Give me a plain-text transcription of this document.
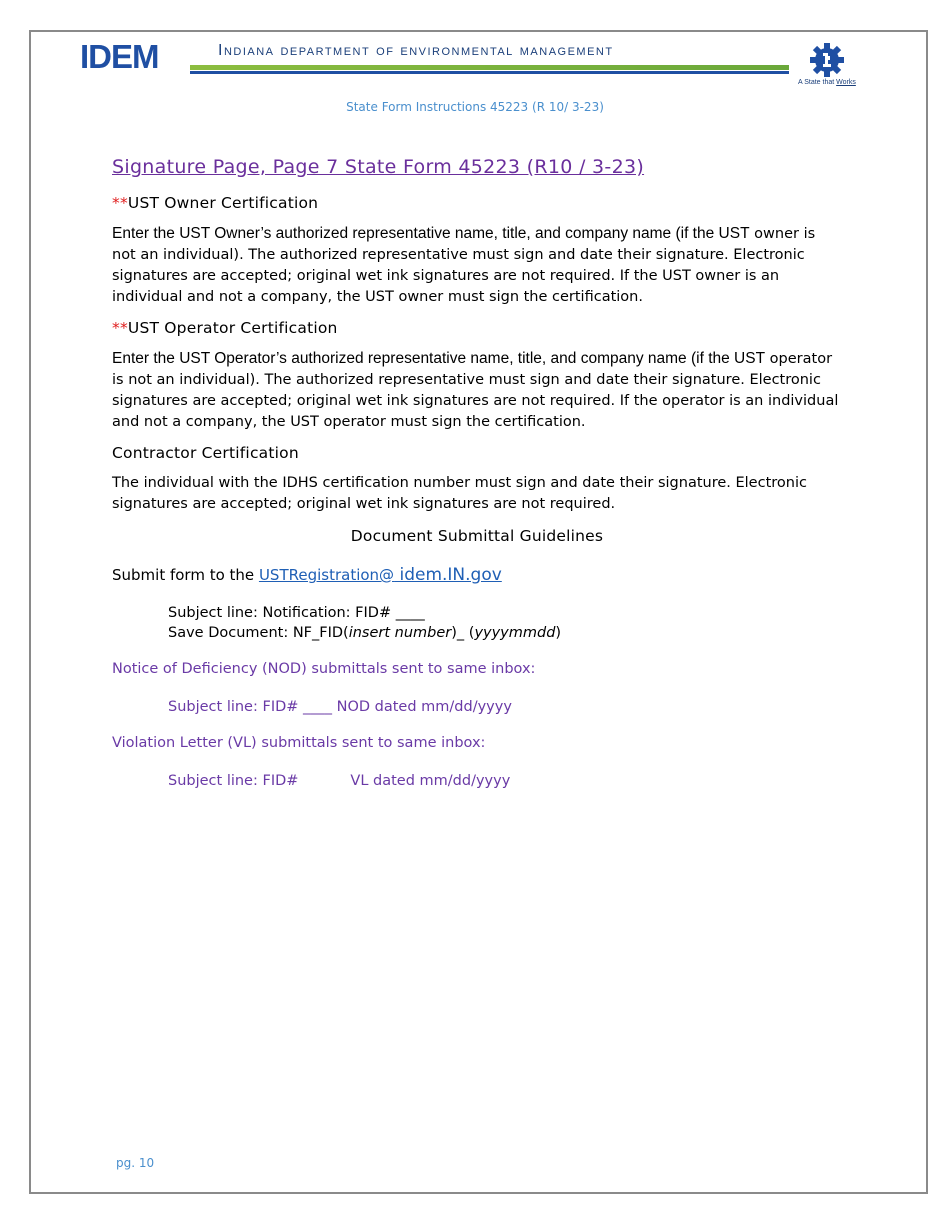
IDEM	Indiana department of environmental management
A State that Works
State Form Instructions 45223 (R 10/ 3-23)
Signature Page, Page 7 State Form 45223 (R10 / 3-23)
**UST Owner Certification
Enter the UST Owner’s authorized representative name, title, and company name (if the UST owner is not an individual). The authorized representative must sign and date their signature. Electronic signatures are accepted; original wet ink signatures are not required. If the UST owner is an individual and not a company, the UST owner must sign the certification.
**UST Operator Certification
Enter the UST Operator’s authorized representative name, title, and company name (if the UST operator is not an individual). The authorized representative must sign and date their signature. Electronic signatures are accepted; original wet ink signatures are not required. If the operator is an individual and not a company, the UST operator must sign the certification.
Contractor Certification
The individual with the IDHS certification number must sign and date their signature. Electronic signatures are accepted; original wet ink signatures are not required.
Document Submittal Guidelines
Submit form to the USTRegistration@ idem.IN.gov
Subject line: Notification: FID# ____
Save Document: NF_FID(insert number)_ (yyyymmdd)
Notice of Deficiency (NOD) submittals sent to same inbox:
Subject line: FID# ____ NOD dated mm/dd/yyyy
Violation Letter (VL) submittals sent to same inbox:
Subject line: FID#	VL dated mm/dd/yyyy
pg. 10
